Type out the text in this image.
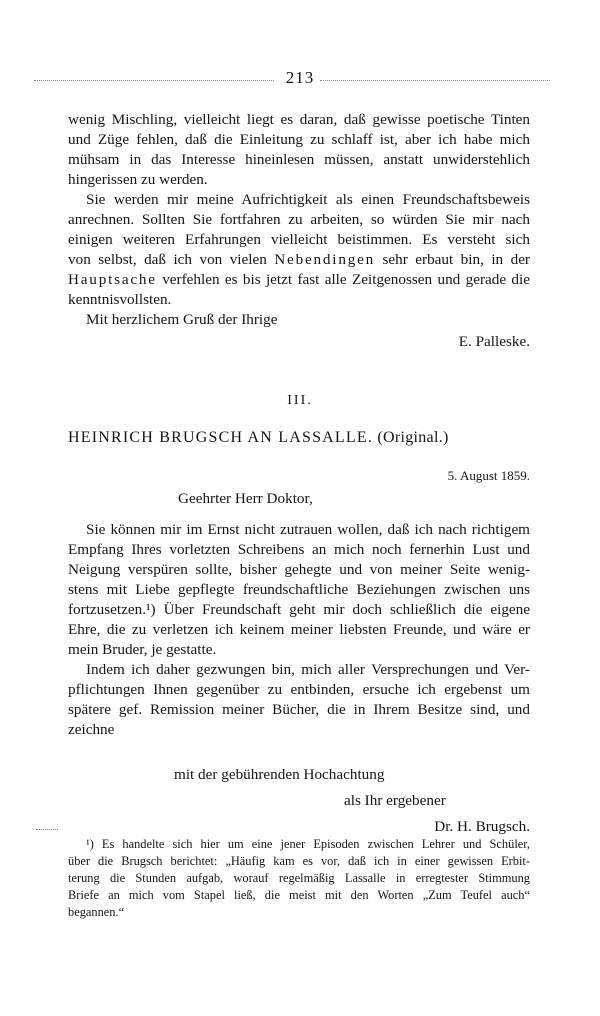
213
wenig Mischling, vielleicht liegt es daran, daß gewisse poetische Tinten
und Züge fehlen, daß die Einleitung zu schlaff ist, aber ich habe mich
mühsam in das Interesse hineinlesen müssen, anstatt unwiderstehlich
hingerissen zu werden.
Sie werden mir meine Aufrichtigkeit als einen Freundschaftsbeweis
anrechnen. Sollten Sie fortfahren zu arbeiten, so würden Sie mir nach
einigen weiteren Erfahrungen vielleicht beistimmen. Es versteht sich
von selbst, daß ich von vielen Nebendingen sehr erbaut bin, in der
Hauptsache verfehlen es bis jetzt fast alle Zeitgenossen und gerade die
kenntnisvollsten.
Mit herzlichem Gruß der Ihrige
E. Palleske.
III.
HEINRICH BRUGSCH AN LASSALLE. (Original.)
5. August 1859.
Geehrter Herr Doktor,
Sie können mir im Ernst nicht zutrauen wollen, daß ich nach richtigem
Empfang Ihres vorletzten Schreibens an mich noch fernerhin Lust und
Neigung verspüren sollte, bisher gehegte und von meiner Seite wenig-
stens mit Liebe gepflegte freundschaftliche Beziehungen zwischen uns
fortzusetzen.¹) Über Freundschaft geht mir doch schließlich die eigene
Ehre, die zu verletzen ich keinem meiner liebsten Freunde, und wäre er
mein Bruder, je gestatte.
Indem ich daher gezwungen bin, mich aller Versprechungen und Ver-
pflichtungen Ihnen gegenüber zu entbinden, ersuche ich ergebenst um
spätere gef. Remission meiner Bücher, die in Ihrem Besitze sind, und
zeichne
mit der gebührenden Hochachtung
als Ihr ergebener
Dr. H. Brugsch.
¹) Es handelte sich hier um eine jener Episoden zwischen Lehrer und Schüler,
über die Brugsch berichtet: „Häufig kam es vor, daß ich in einer gewissen Erbit-
terung die Stunden aufgab, worauf regelmäßig Lassalle in erregtester Stimmung
Briefe an mich vom Stapel ließ, die meist mit den Worten „Zum Teufel auch“
begannen.“
